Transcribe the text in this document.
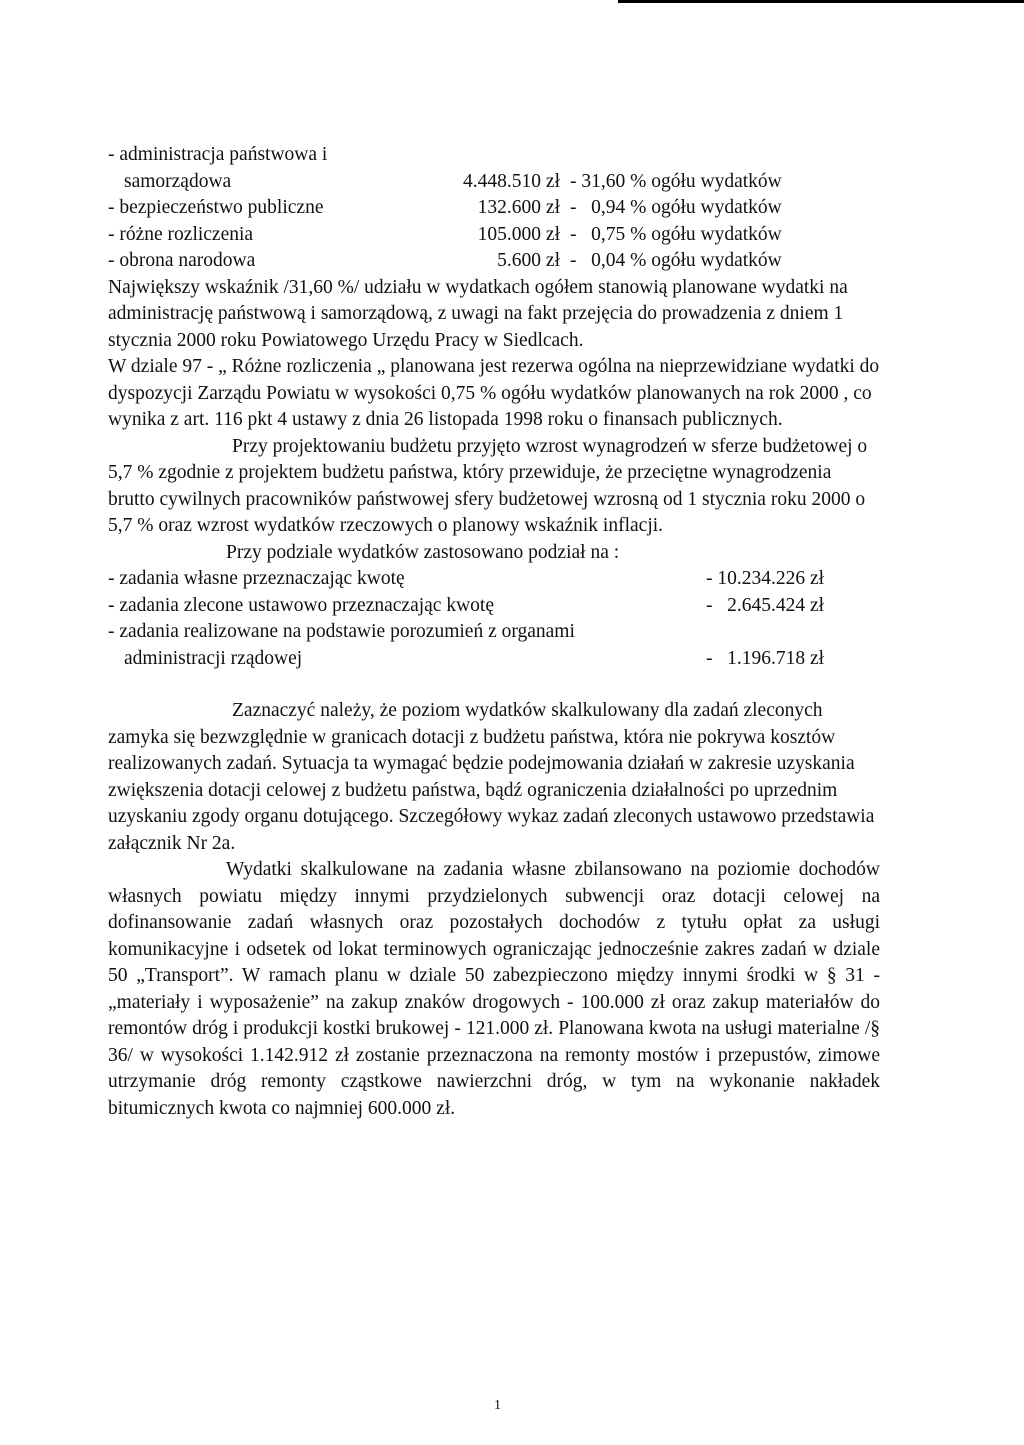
- administracja państwowa i
samorządowa	4.448.510 zł - 31,60 % ogółu wydatków
- bezpieczeństwo publiczne	132.600 zł -   0,94 % ogółu wydatków
- różne rozliczenia	105.000 zł -   0,75 % ogółu wydatków
- obrona narodowa	5.600 zł -   0,04 % ogółu wydatków

Największy wskaźnik /31,60 %/ udziału w wydatkach ogółem stanowią planowane wydatki na administrację państwową i samorządową, z uwagi na fakt przejęcia do prowadzenia z dniem 1 stycznia 2000 roku Powiatowego Urzędu Pracy w Siedlcach.

W dziale 97 - „ Różne rozliczenia „ planowana jest rezerwa ogólna na nieprzewidziane wydatki do dyspozycji Zarządu Powiatu w wysokości 0,75 % ogółu wydatków planowanych na rok 2000 , co wynika z art. 116 pkt 4 ustawy z dnia 26 listopada 1998 roku o finansach publicznych.

Przy projektowaniu budżetu przyjęto wzrost wynagrodzeń w sferze budżetowej o 5,7 % zgodnie z projektem budżetu państwa, który przewiduje, że przeciętne wynagrodzenia brutto cywilnych pracowników państwowej sfery budżetowej wzrosną od 1 stycznia roku 2000 o 5,7 % oraz wzrost wydatków rzeczowych o planowy wskaźnik inflacji.

Przy podziale wydatków zastosowano podział na :

- zadania własne przeznaczając kwotę	- 10.234.226 zł
- zadania zlecone ustawowo przeznaczając kwotę	-   2.645.424 zł
- zadania realizowane na podstawie porozumień z organami
administracji rządowej	-   1.196.718 zł

Zaznaczyć należy, że poziom wydatków skalkulowany dla zadań zleconych zamyka się bezwzględnie w granicach dotacji z budżetu państwa, która nie pokrywa kosztów realizowanych zadań. Sytuacja ta wymagać będzie podejmowania działań w zakresie uzyskania zwiększenia dotacji celowej z budżetu państwa, bądź ograniczenia działalności po uprzednim uzyskaniu zgody organu dotującego. Szczegółowy wykaz zadań zleconych ustawowo przedstawia załącznik Nr 2a.

Wydatki skalkulowane na zadania własne zbilansowano na poziomie dochodów własnych powiatu między innymi przydzielonych subwencji oraz dotacji celowej na dofinansowanie zadań własnych oraz pozostałych dochodów z tytułu opłat za usługi komunikacyjne i odsetek od lokat terminowych ograniczając jednocześnie zakres zadań w dziale 50 „Transport”. W ramach planu w dziale 50 zabezpieczono między innymi środki w § 31 - „materiały i wyposażenie” na zakup znaków drogowych - 100.000 zł oraz zakup materiałów do remontów dróg i produkcji kostki brukowej - 121.000 zł. Planowana kwota na usługi materialne /§ 36/ w wysokości 1.142.912 zł zostanie przeznaczona na remonty mostów i przepustów, zimowe utrzymanie dróg remonty cząstkowe nawierzchni dróg, w tym na wykonanie nakładek bitumicznych kwota co najmniej 600.000 zł.

1
